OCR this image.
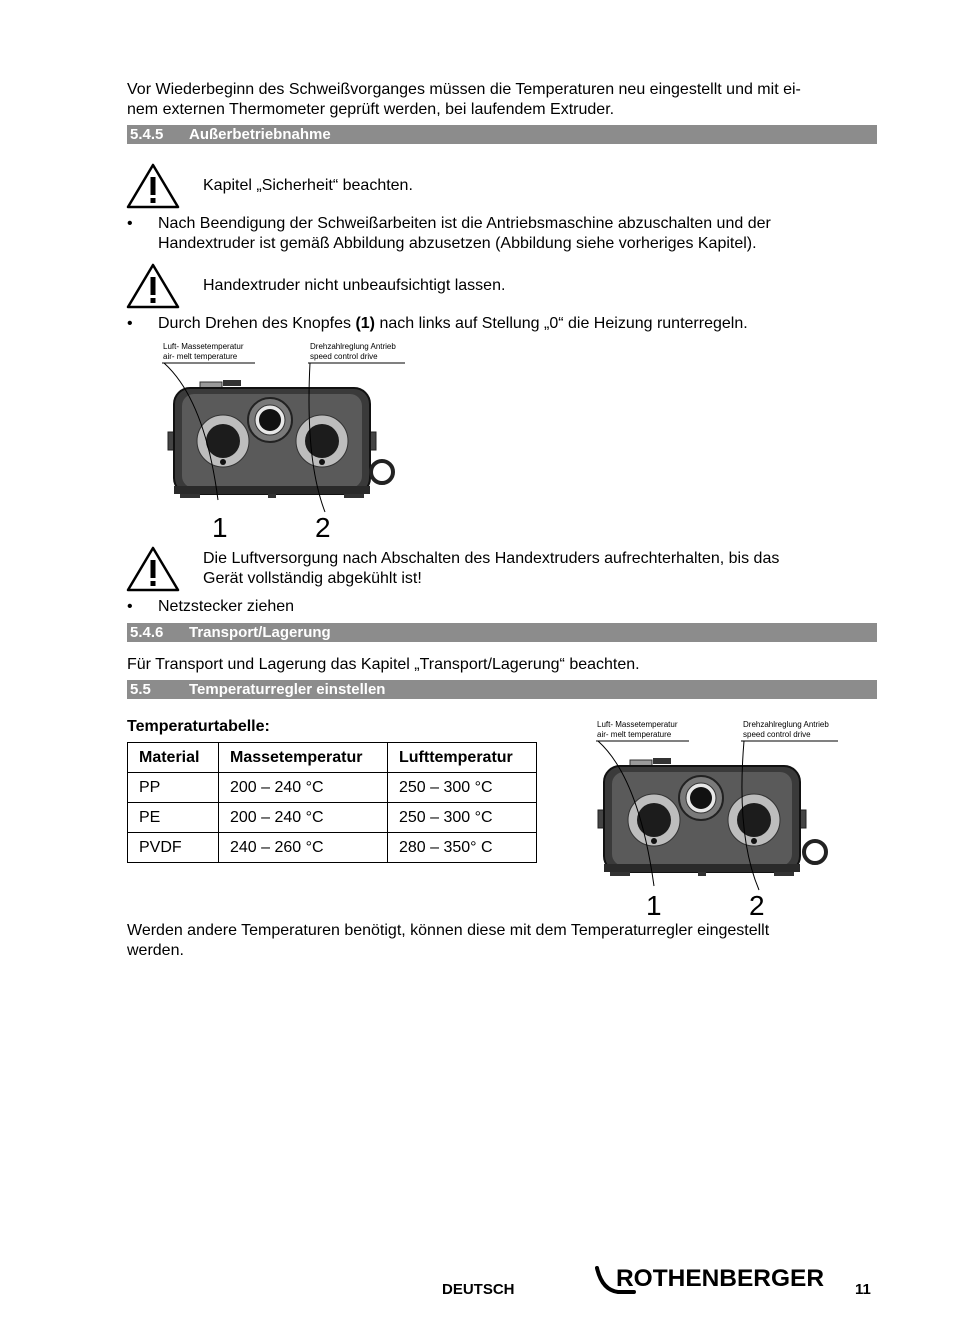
Vor Wiederbeginn des Schweißvorganges müssen die Temperaturen neu eingestellt und mit ei-
nem externen Thermometer geprüft werden, bei laufendem Extruder.
5.4.5 Außerbetriebnahme
Kapitel „Sicherheit“ beachten.
• Nach Beendigung der Schweißarbeiten ist die Antriebsmaschine abzuschalten und der
Handextruder ist gemäß Abbildung abzusetzen (Abbildung siehe vorheriges Kapitel).
Handextruder nicht unbeaufsichtigt lassen.
• Durch Drehen des Knopfes (1) nach links auf Stellung „0“ die Heizung runterregeln.
Luft- Massetemperatur
air- melt temperature
Drehzahlreglung Antrieb
speed control drive
1	2
Die Luftversorgung nach Abschalten des Handextruders aufrechterhalten, bis das
Gerät vollständig abgekühlt ist!
• Netzstecker ziehen
5.4.6 Transport/Lagerung
Für Transport und Lagerung das Kapitel „Transport/Lagerung“ beachten.
5.5	Temperaturregler einstellen
Temperaturtabelle:
Material	Massetemperatur	Lufttemperatur
PP	200 – 240 °C	250 – 300 °C
PE	200 – 240 °C	250 – 300 °C
PVDF	240 – 260 °C	280 – 350° C
Luft- Massetemperatur
air- melt temperature
Drehzahlreglung Antrieb
speed control drive
1	2
Werden andere Temperaturen benötigt, können diese mit dem Temperaturregler eingestellt
werden.
DEUTSCH	ROTHENBERGER 11
